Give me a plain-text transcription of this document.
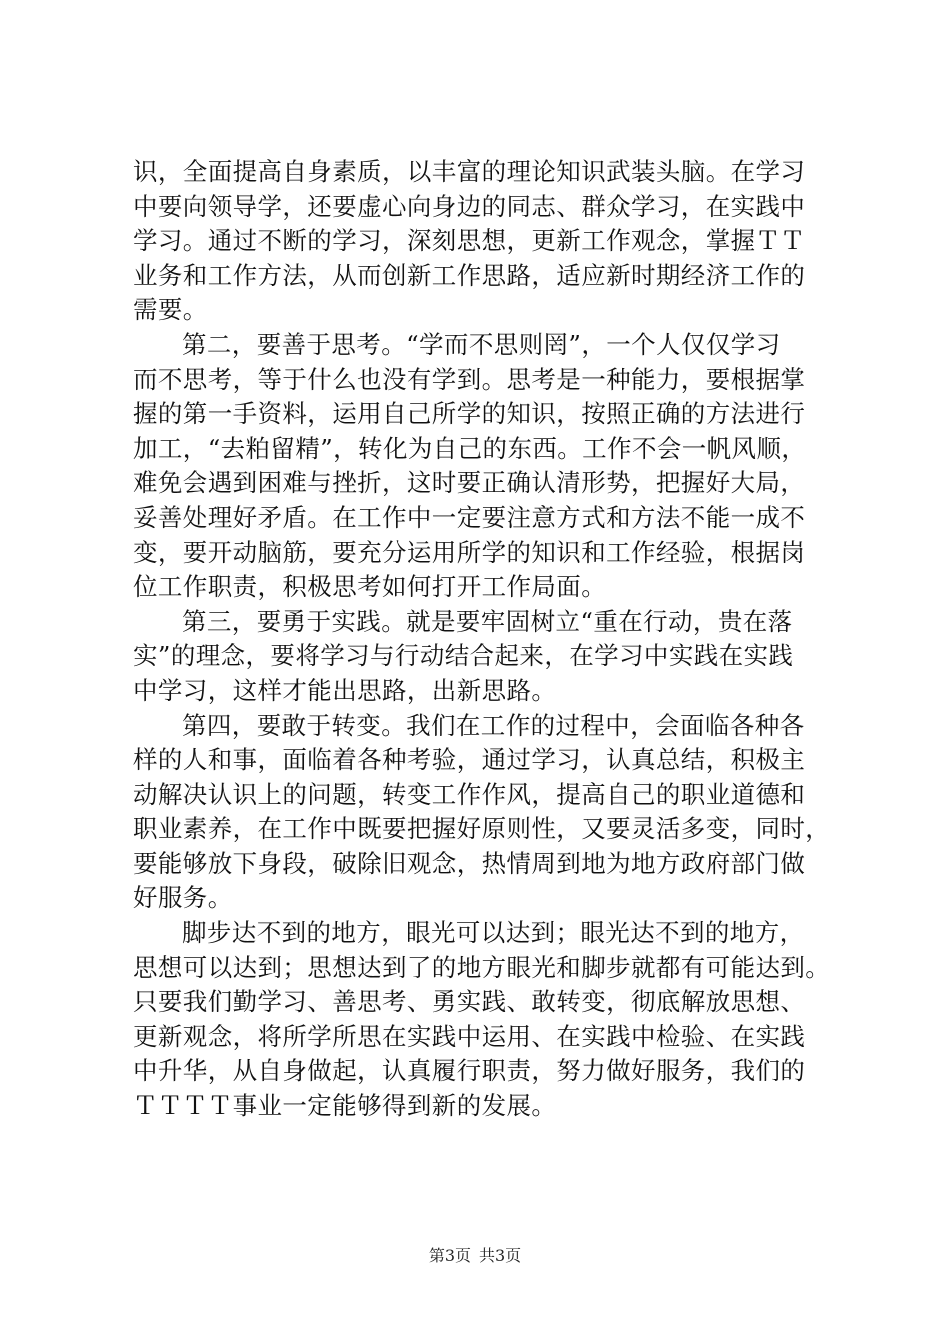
识，全面提高自身素质，以丰富的理论知识武装头脑。在学习
中要向领导学，还要虚心向身边的同志、群众学习，在实践中
学习。通过不断的学习，深刻思想，更新工作观念，掌握ＴＴ
业务和工作方法，从而创新工作思路，适应新时期经济工作的
需要。
第二，要善于思考。“学而不思则罔”，一个人仅仅学习
而不思考，等于什么也没有学到。思考是一种能力，要根据掌
握的第一手资料，运用自己所学的知识，按照正确的方法进行
加工，“去粕留精”，转化为自己的东西。工作不会一帆风顺，
难免会遇到困难与挫折，这时要正确认清形势，把握好大局，
妥善处理好矛盾。在工作中一定要注意方式和方法不能一成不
变，要开动脑筋，要充分运用所学的知识和工作经验，根据岗
位工作职责，积极思考如何打开工作局面。
第三，要勇于实践。就是要牢固树立“重在行动，贵在落
实”的理念，要将学习与行动结合起来，在学习中实践在实践
中学习，这样才能出思路，出新思路。
第四，要敢于转变。我们在工作的过程中，会面临各种各
样的人和事，面临着各种考验，通过学习，认真总结，积极主
动解决认识上的问题，转变工作作风，提高自己的职业道德和
职业素养，在工作中既要把握好原则性，又要灵活多变，同时，
要能够放下身段，破除旧观念，热情周到地为地方政府部门做
好服务。
脚步达不到的地方，眼光可以达到；眼光达不到的地方，
思想可以达到；思想达到了的地方眼光和脚步就都有可能达到。
只要我们勤学习、善思考、勇实践、敢转变，彻底解放思想、
更新观念，将所学所思在实践中运用、在实践中检验、在实践
中升华，从自身做起，认真履行职责，努力做好服务，我们的
ＴＴＴＴ事业一定能够得到新的发展。
第3页 共3页
